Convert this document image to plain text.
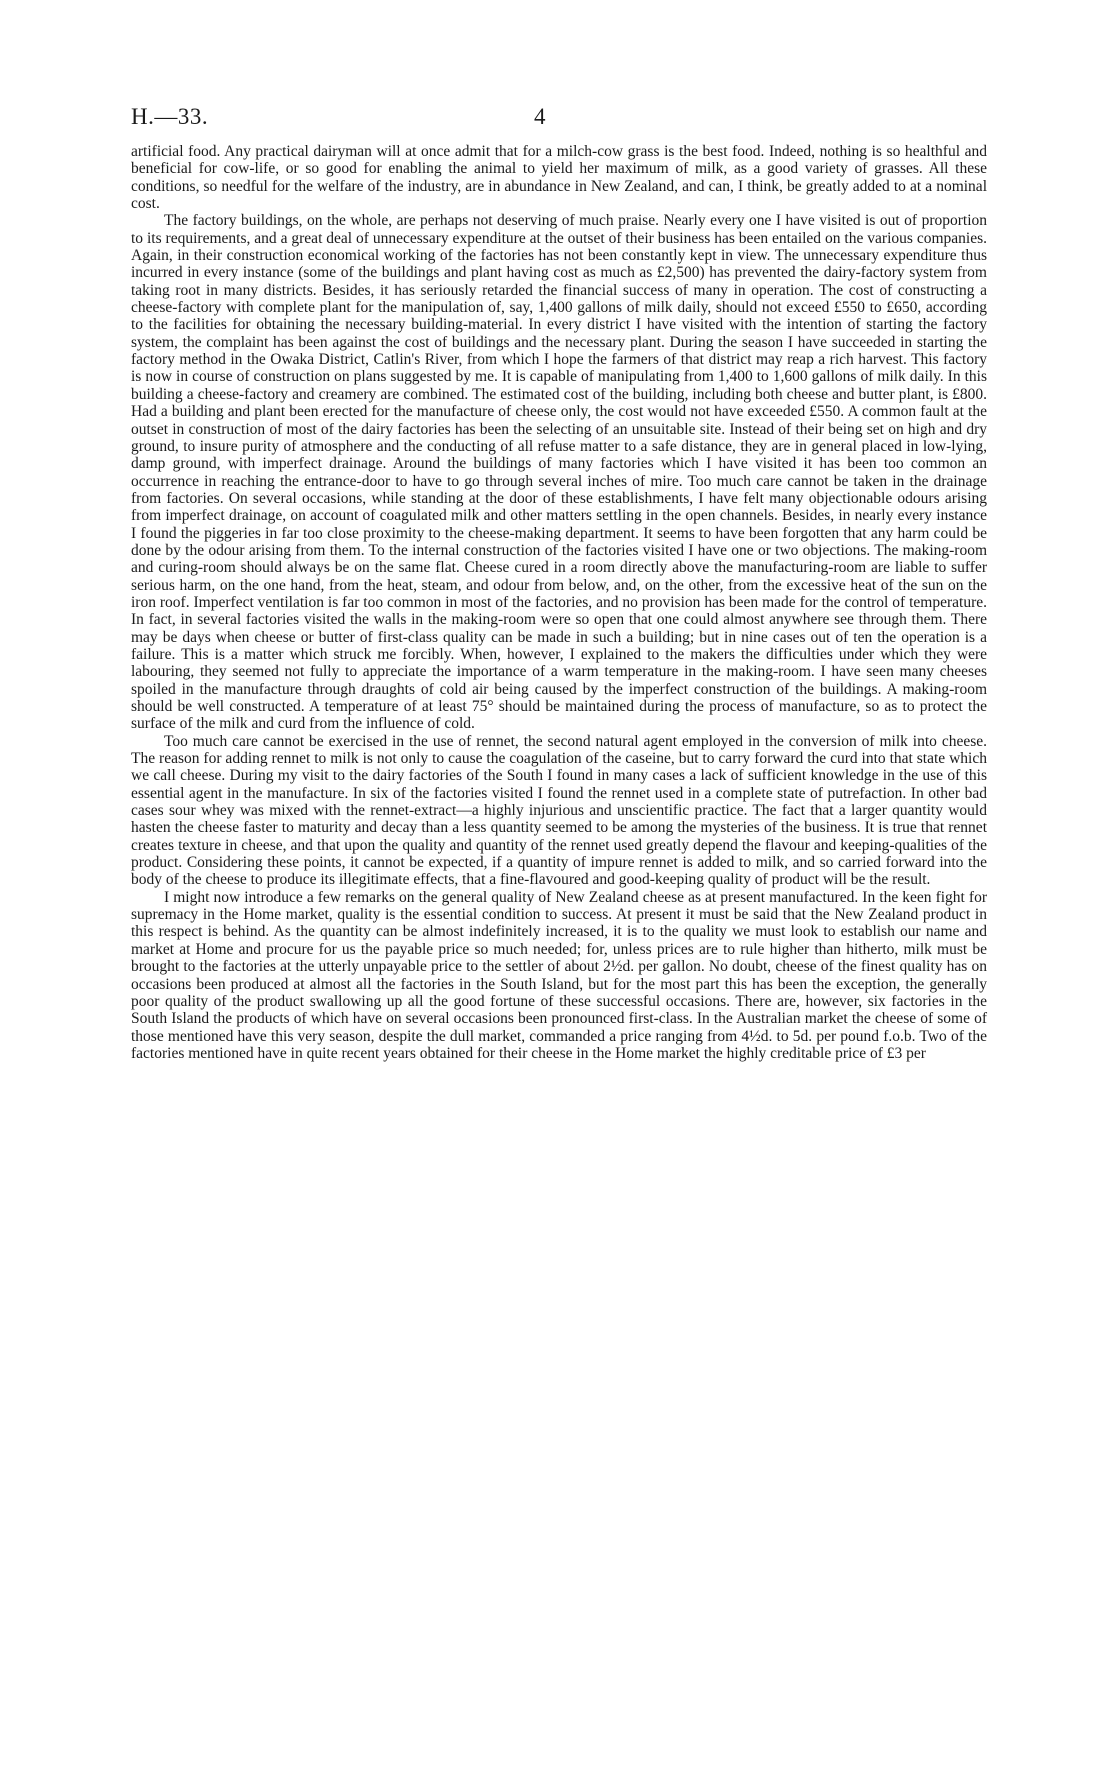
H.—33.	4

artificial food. Any practical dairyman will at once admit that for a milch-cow grass is the best food. Indeed, nothing is so healthful and beneficial for cow-life, or so good for enabling the animal to yield her maximum of milk, as a good variety of grasses. All these conditions, so needful for the welfare of the industry, are in abundance in New Zealand, and can, I think, be greatly added to at a nominal cost.

The factory buildings, on the whole, are perhaps not deserving of much praise. Nearly every one I have visited is out of proportion to its requirements, and a great deal of unnecessary expenditure at the outset of their business has been entailed on the various companies. Again, in their construction economical working of the factories has not been constantly kept in view. The unnecessary expenditure thus incurred in every instance (some of the buildings and plant having cost as much as £2,500) has prevented the dairy-factory system from taking root in many districts. Besides, it has seriously retarded the financial success of many in operation. The cost of constructing a cheese-factory with complete plant for the manipulation of, say, 1,400 gallons of milk daily, should not exceed £550 to £650, according to the facilities for obtaining the necessary building-material. In every district I have visited with the intention of starting the factory system, the complaint has been against the cost of buildings and the necessary plant. During the season I have succeeded in starting the factory method in the Owaka District, Catlin's River, from which I hope the farmers of that district may reap a rich harvest. This factory is now in course of construction on plans suggested by me. It is capable of manipulating from 1,400 to 1,600 gallons of milk daily. In this building a cheese-factory and creamery are combined. The estimated cost of the building, including both cheese and butter plant, is £800. Had a building and plant been erected for the manufacture of cheese only, the cost would not have exceeded £550. A common fault at the outset in construction of most of the dairy factories has been the selecting of an unsuitable site. Instead of their being set on high and dry ground, to insure purity of atmosphere and the conducting of all refuse matter to a safe distance, they are in general placed in low-lying, damp ground, with imperfect drainage. Around the buildings of many factories which I have visited it has been too common an occurrence in reaching the entrance-door to have to go through several inches of mire. Too much care cannot be taken in the drainage from factories. On several occasions, while standing at the door of these establishments, I have felt many objectionable odours arising from imperfect drainage, on account of coagulated milk and other matters settling in the open channels. Besides, in nearly every instance I found the piggeries in far too close proximity to the cheese-making department. It seems to have been forgotten that any harm could be done by the odour arising from them. To the internal construction of the factories visited I have one or two objections. The making-room and curing-room should always be on the same flat. Cheese cured in a room directly above the manufacturing-room are liable to suffer serious harm, on the one hand, from the heat, steam, and odour from below, and, on the other, from the excessive heat of the sun on the iron roof. Imperfect ventilation is far too common in most of the factories, and no provision has been made for the control of temperature. In fact, in several factories visited the walls in the making-room were so open that one could almost anywhere see through them. There may be days when cheese or butter of first-class quality can be made in such a building; but in nine cases out of ten the operation is a failure. This is a matter which struck me forcibly. When, however, I explained to the makers the difficulties under which they were labouring, they seemed not fully to appreciate the importance of a warm temperature in the making-room. I have seen many cheeses spoiled in the manufacture through draughts of cold air being caused by the imperfect construction of the buildings. A making-room should be well constructed. A temperature of at least 75° should be maintained during the process of manufacture, so as to protect the surface of the milk and curd from the influence of cold.

Too much care cannot be exercised in the use of rennet, the second natural agent employed in the conversion of milk into cheese. The reason for adding rennet to milk is not only to cause the coagulation of the caseine, but to carry forward the curd into that state which we call cheese. During my visit to the dairy factories of the South I found in many cases a lack of sufficient knowledge in the use of this essential agent in the manufacture. In six of the factories visited I found the rennet used in a complete state of putrefaction. In other bad cases sour whey was mixed with the rennet-extract—a highly injurious and unscientific practice. The fact that a larger quantity would hasten the cheese faster to maturity and decay than a less quantity seemed to be among the mysteries of the business. It is true that rennet creates texture in cheese, and that upon the quality and quantity of the rennet used greatly depend the flavour and keeping-qualities of the product. Considering these points, it cannot be expected, if a quantity of impure rennet is added to milk, and so carried forward into the body of the cheese to produce its illegitimate effects, that a fine-flavoured and good-keeping quality of product will be the result.

I might now introduce a few remarks on the general quality of New Zealand cheese as at present manufactured. In the keen fight for supremacy in the Home market, quality is the essential condition to success. At present it must be said that the New Zealand product in this respect is behind. As the quantity can be almost indefinitely increased, it is to the quality we must look to establish our name and market at Home and procure for us the payable price so much needed; for, unless prices are to rule higher than hitherto, milk must be brought to the factories at the utterly unpayable price to the settler of about 2½d. per gallon. No doubt, cheese of the finest quality has on occasions been produced at almost all the factories in the South Island, but for the most part this has been the exception, the generally poor quality of the product swallowing up all the good fortune of these successful occasions. There are, however, six factories in the South Island the products of which have on several occasions been pronounced first-class. In the Australian market the cheese of some of those mentioned have this very season, despite the dull market, commanded a price ranging from 4½d. to 5d. per pound f.o.b. Two of the factories mentioned have in quite recent years obtained for their cheese in the Home market the highly creditable price of £3 per
